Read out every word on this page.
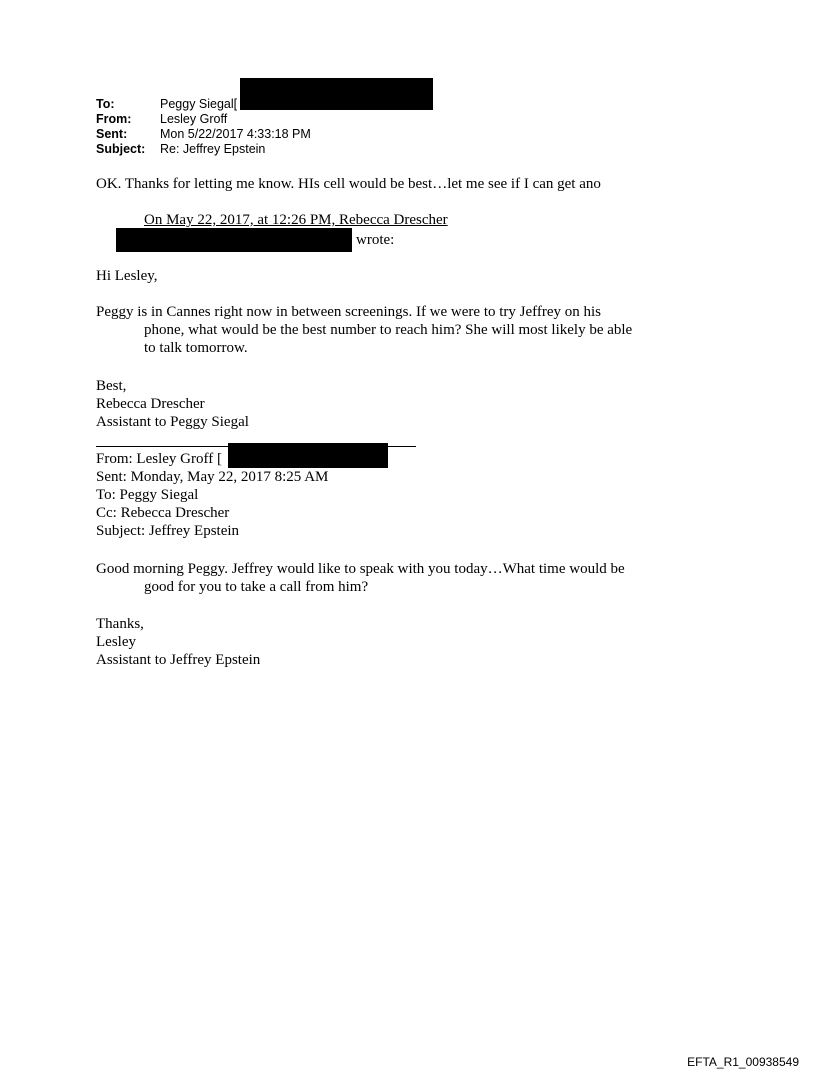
To:	Peggy Siegal[
From: Lesley Groff
Sent:	Mon 5/22/2017 4:33:18 PM
Subject: Re: Jeffrey Epstein
OK. Thanks for letting me know. HIs cell would be best…let me see if I can get ano
On May 22, 2017, at 12:26 PM, Rebecca Drescher
wrote:
Hi Lesley,
Peggy is in Cannes right now in between screenings. If we were to try Jeffrey on his
phone, what would be the best number to reach him? She will most likely be able
to talk tomorrow.
Best,
Rebecca Drescher
Assistant to Peggy Siegal
From: Lesley Groff [
Sent: Monday, May 22, 2017 8:25 AM
To: Peggy Siegal
Cc: Rebecca Drescher
Subject: Jeffrey Epstein
Good morning Peggy. Jeffrey would like to speak with you today…What time would be
good for you to take a call from him?
Thanks,
Lesley
Assistant to Jeffrey Epstein
EFTA_R1_00938549
